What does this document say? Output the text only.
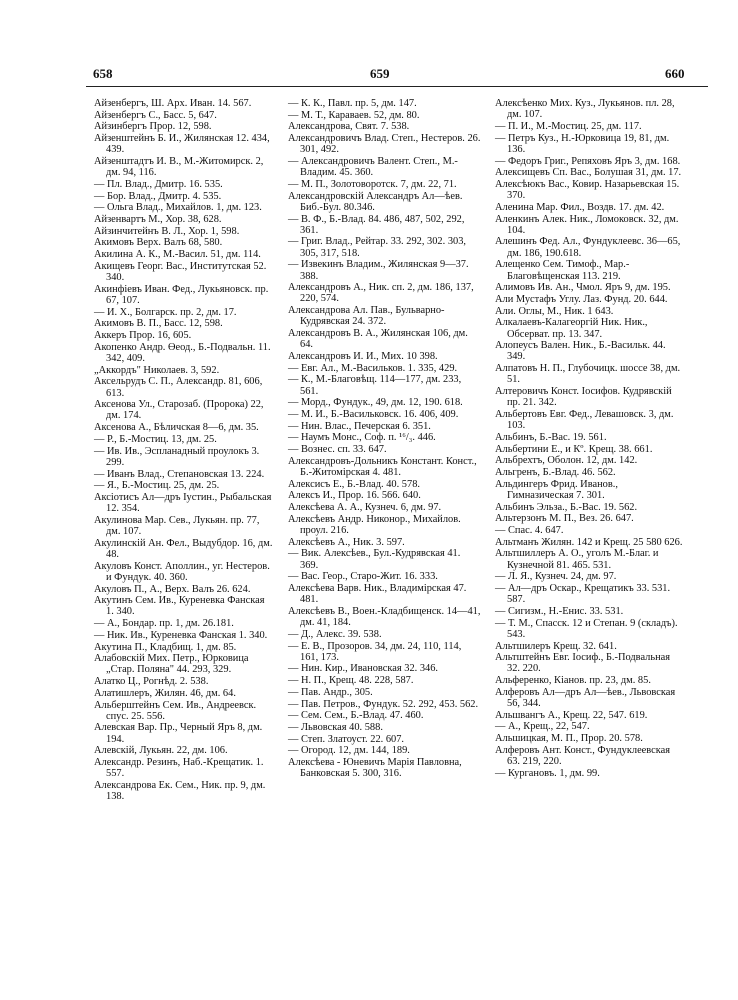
658	659	660
Айзенбергъ, Ш. Арх. Иван. 14. 567.
Айзенбергъ С., Басс. 5, 647.
Айзинбергъ Прор. 12, 598.
Айзенштейнъ Б. И., Жилянская 12. 434, 439.
Айзенштадтъ И. В., М.-Житомирск. 2, дм. 94, 116.
— Пл. Влад., Дмитр. 16. 535.
— Бор. Влад., Дмитр. 4. 535.
— Ольга Влад., Михайлов. 1, дм. 123.
Айзенвартъ М., Хор. 38, 628.
Айзинчитейнъ В. Л., Хор. 1, 598.
Акимовъ Верх. Валъ 68, 580.
Акилина А. К., М.-Васил. 51, дм. 114.
Акищевъ Георг. Вас., Институтская 52. 340.
Акинфіевъ Иван. Фед., Лукьяновск. пр. 67, 107.
— И. Х., Болгарск. пр. 2, дм. 17.
Акимовъ В. П., Басс. 12, 598.
Аккеръ Прор. 16, 605.
Акопенко Андр. Өеод., Б.-Подвальн. 11. 342, 409.
„Аккордъ" Николаев. 3, 592.
Аксельрудъ С. П., Александр. 81, 606, 613.
Аксенова Ул., Старозаб. (Пророка) 22, дм. 174.
Аксенова А., Бѣличская 8—6, дм. 35.
— Р., Б.-Мостиц. 13, дм. 25.
— Ив. Ив., Эспланадный проулокъ 3. 299.
— Иванъ Влад., Степановская 13. 224.
— Я., Б.-Мостиц. 25, дм. 25.
Аксіотисъ Ал—дръ Іустин., Рыбальская 12. 354.
Акулинова Мар. Сев., Лукьян. пр. 77, дм. 107.
Акулинскій Ан. Фел., Выдубдор. 16, дм. 48.
Акуловъ Конст. Аполлин., уг. Нестеров. и Фундук. 40. 360.
Акуловъ П., А., Верх. Валъ 26. 624.
Акутинъ Сем. Ив., Куреневка Фанская 1. 340.
— А., Бондар. пр. 1, дм. 26.181.
— Ник. Ив., Куреневка Фанская 1. 340.
Акутина П., Кладбищ. 1, дм. 85.
Алабовскій Мих. Петр., Юрковица „Стар. Поляна" 44. 293, 329.
Алатко Ц., Рогнѣд. 2. 538.
Алатишлеръ, Жилян. 46, дм. 64.
Альберштейнъ Сем. Ив., Андреевск. спус. 25. 556.
Алевская Вар. Пр., Черный Яръ 8, дм. 194.
Алевскій, Лукьян. 22, дм. 106.
Александр. Резинъ, Наб.-Крещатик. 1. 557.
Александрова Ек. Сем., Ник. пр. 9, дм. 138.
— К. К., Павл. пр. 5, дм. 147.
— М. Т., Караваев. 52, дм. 80.
Александрова, Свят. 7. 538.
Александровичъ Влад. Степ., Нестеров. 26. 301, 492.
— Александровичъ Валент. Степ., М.-Владим. 45. 360.
— М. П., Золотоворотск. 7, дм. 22, 71.
Александровскій Александръ Ал—ѣев. Биб.-Бул. 80.346.
— В. Ф., Б.-Влад. 84. 486, 487, 502, 292, 361.
— Григ. Влад., Рейтар. 33. 292, 302. 303, 305, 317, 518.
— Извекинъ Владим., Жилянская 9—37. 388.
Александровъ А., Ник. сп. 2, дм. 186, 137, 220, 574.
Александрова Ал. Пав., Бульварно-Кудрявская 24. 372.
Александровъ В. А., Жилянская 106, дм. 64.
Александровъ И. И., Мих. 10 398.
— Евг. Ал., М.-Васильков. 1. 335, 429.
— К., М.-Благовѣщ. 114—177, дм. 233, 561.
— Морд., Фундук., 49, дм. 12, 190. 618.
— М. И., Б.-Васильковск. 16. 406, 409.
— Нин. Влас., Печерская 6. 351.
— Наумъ Монс., Соф. п. ¹⁶/₃. 446.
— Вознес. сп. 33. 647.
Александровъ-Дольникъ Констант. Конст., Б.-Житомірская 4. 481.
Алексисъ Е., Б.-Влад. 40. 578.
Алексъ И., Прор. 16. 566. 640.
Алексѣева А. А., Кузнеч. 6, дм. 97.
Алексѣевъ Андр. Никонор., Михайлов. проул. 216.
Алексѣевъ А., Ник. 3. 597.
— Вик. Алексѣев., Бул.-Кудрявская 41. 369.
— Вас. Геор., Старо-Жит. 16. 333.
Алексѣева Варв. Ник., Владимірская 47. 481.
Алексѣевъ В., Воен.-Кладбищенск. 14—41, дм. 41, 184.
— Д., Алекс. 39. 538.
— Е. В., Прозоров. 34, дм. 24, 110, 114, 161, 173.
— Нин. Кир., Ивановская 32. 346.
— Н. П., Крещ. 48. 228, 587.
— Пав. Андр., 305.
— Пав. Петров., Фундук. 52. 292, 453. 562.
— Сем. Сем., Б.-Влад. 47. 460.
— Львовская 40. 588.
— Степ. Златоуст. 22. 607.
— Огород. 12, дм. 144, 189.
Алексѣева - Юневичъ Марія Павловна, Банковская 5. 300, 316.
Алексѣенко Мих. Куз., Лукьянов. пл. 28, дм. 107.
— П. И., М.-Мостиц. 25, дм. 117.
— Петръ Куз., Н.-Юрковица 19, 81, дм. 136.
— Федоръ Григ., Репяховъ Яръ 3, дм. 168.
Алексищевъ Сп. Вас., Болушая 31, дм. 17.
Алексѣюкъ Вас., Ковир. Назарьевская 15. 370.
Аленина Мар. Фил., Воздв. 17. дм. 42.
Аленкинъ Алек. Ник., Ломоковск. 32, дм. 104.
Алешинъ Фед. Ал., Фундуклеевс. 36—65, дм. 186, 190.618.
Алещенко Сем. Тимоф., Мар.-Благовѣщенская 113. 219.
Алимовъ Ив. Ан., Чмол. Яръ 9, дм. 195.
Али Мустафъ Углу. Лаз. Фунд. 20. 644.
Али. Оглы, М., Ник. 1 643.
Алкалаевъ-Калагеоргій Ник. Ник., Обсерват. пр. 13. 347.
Алопеусъ Вален. Ник., Б.-Васильк. 44. 349.
Алпатовъ Н. П., Глубочицк. шоссе 38, дм. 51.
Алтеровичъ Конст. Іосифов. Кудрявскій пр. 21. 342.
Альбертовъ Евг. Фед., Левашовск. 3, дм. 103.
Альбинъ, Б.-Вас. 19. 561.
Альбертини Е., и Кº. Крещ. 38. 661.
Альбрехтъ, Оболон. 12, дм. 142.
Альгренъ, Б.-Влад. 46. 562.
Альдингеръ Фрид. Иванов., Гимназическая 7. 301.
Альбинъ Эльза., Б.-Вас. 19. 562.
Альтерзонъ М. П., Вез. 26. 647.
— Спас. 4. 647.
Альтманъ Жилян. 142 и Крещ. 25 580 626.
Альтшиллеръ А. О., уголъ М.-Благ. и Кузнечной 81. 465. 531.
— Л. Я., Кузнеч. 24, дм. 97.
— Ал—дръ Оскар., Крещатикъ 33. 531. 587.
— Сигизм., Н.-Енис. 33. 531.
— Т. М., Спасск. 12 и Степан. 9 (складъ). 543.
Альтшилеръ Крещ. 32. 641.
Альтштейнъ Евг. Іосиф., Б.-Подвальная 32. 220.
Альференко, Кіанов. пр. 23, дм. 85.
Алферовъ Ал—дръ Ал—ѣев., Львовская 56, 344.
Альшвангъ А., Крещ. 22, 547. 619.
— А., Крещ., 22, 547.
Альшицкая, М. П., Прор. 20. 578.
Алферовъ Ант. Конст., Фундуклеевская 63. 219, 220.
— Кургановъ. 1, дм. 99.
